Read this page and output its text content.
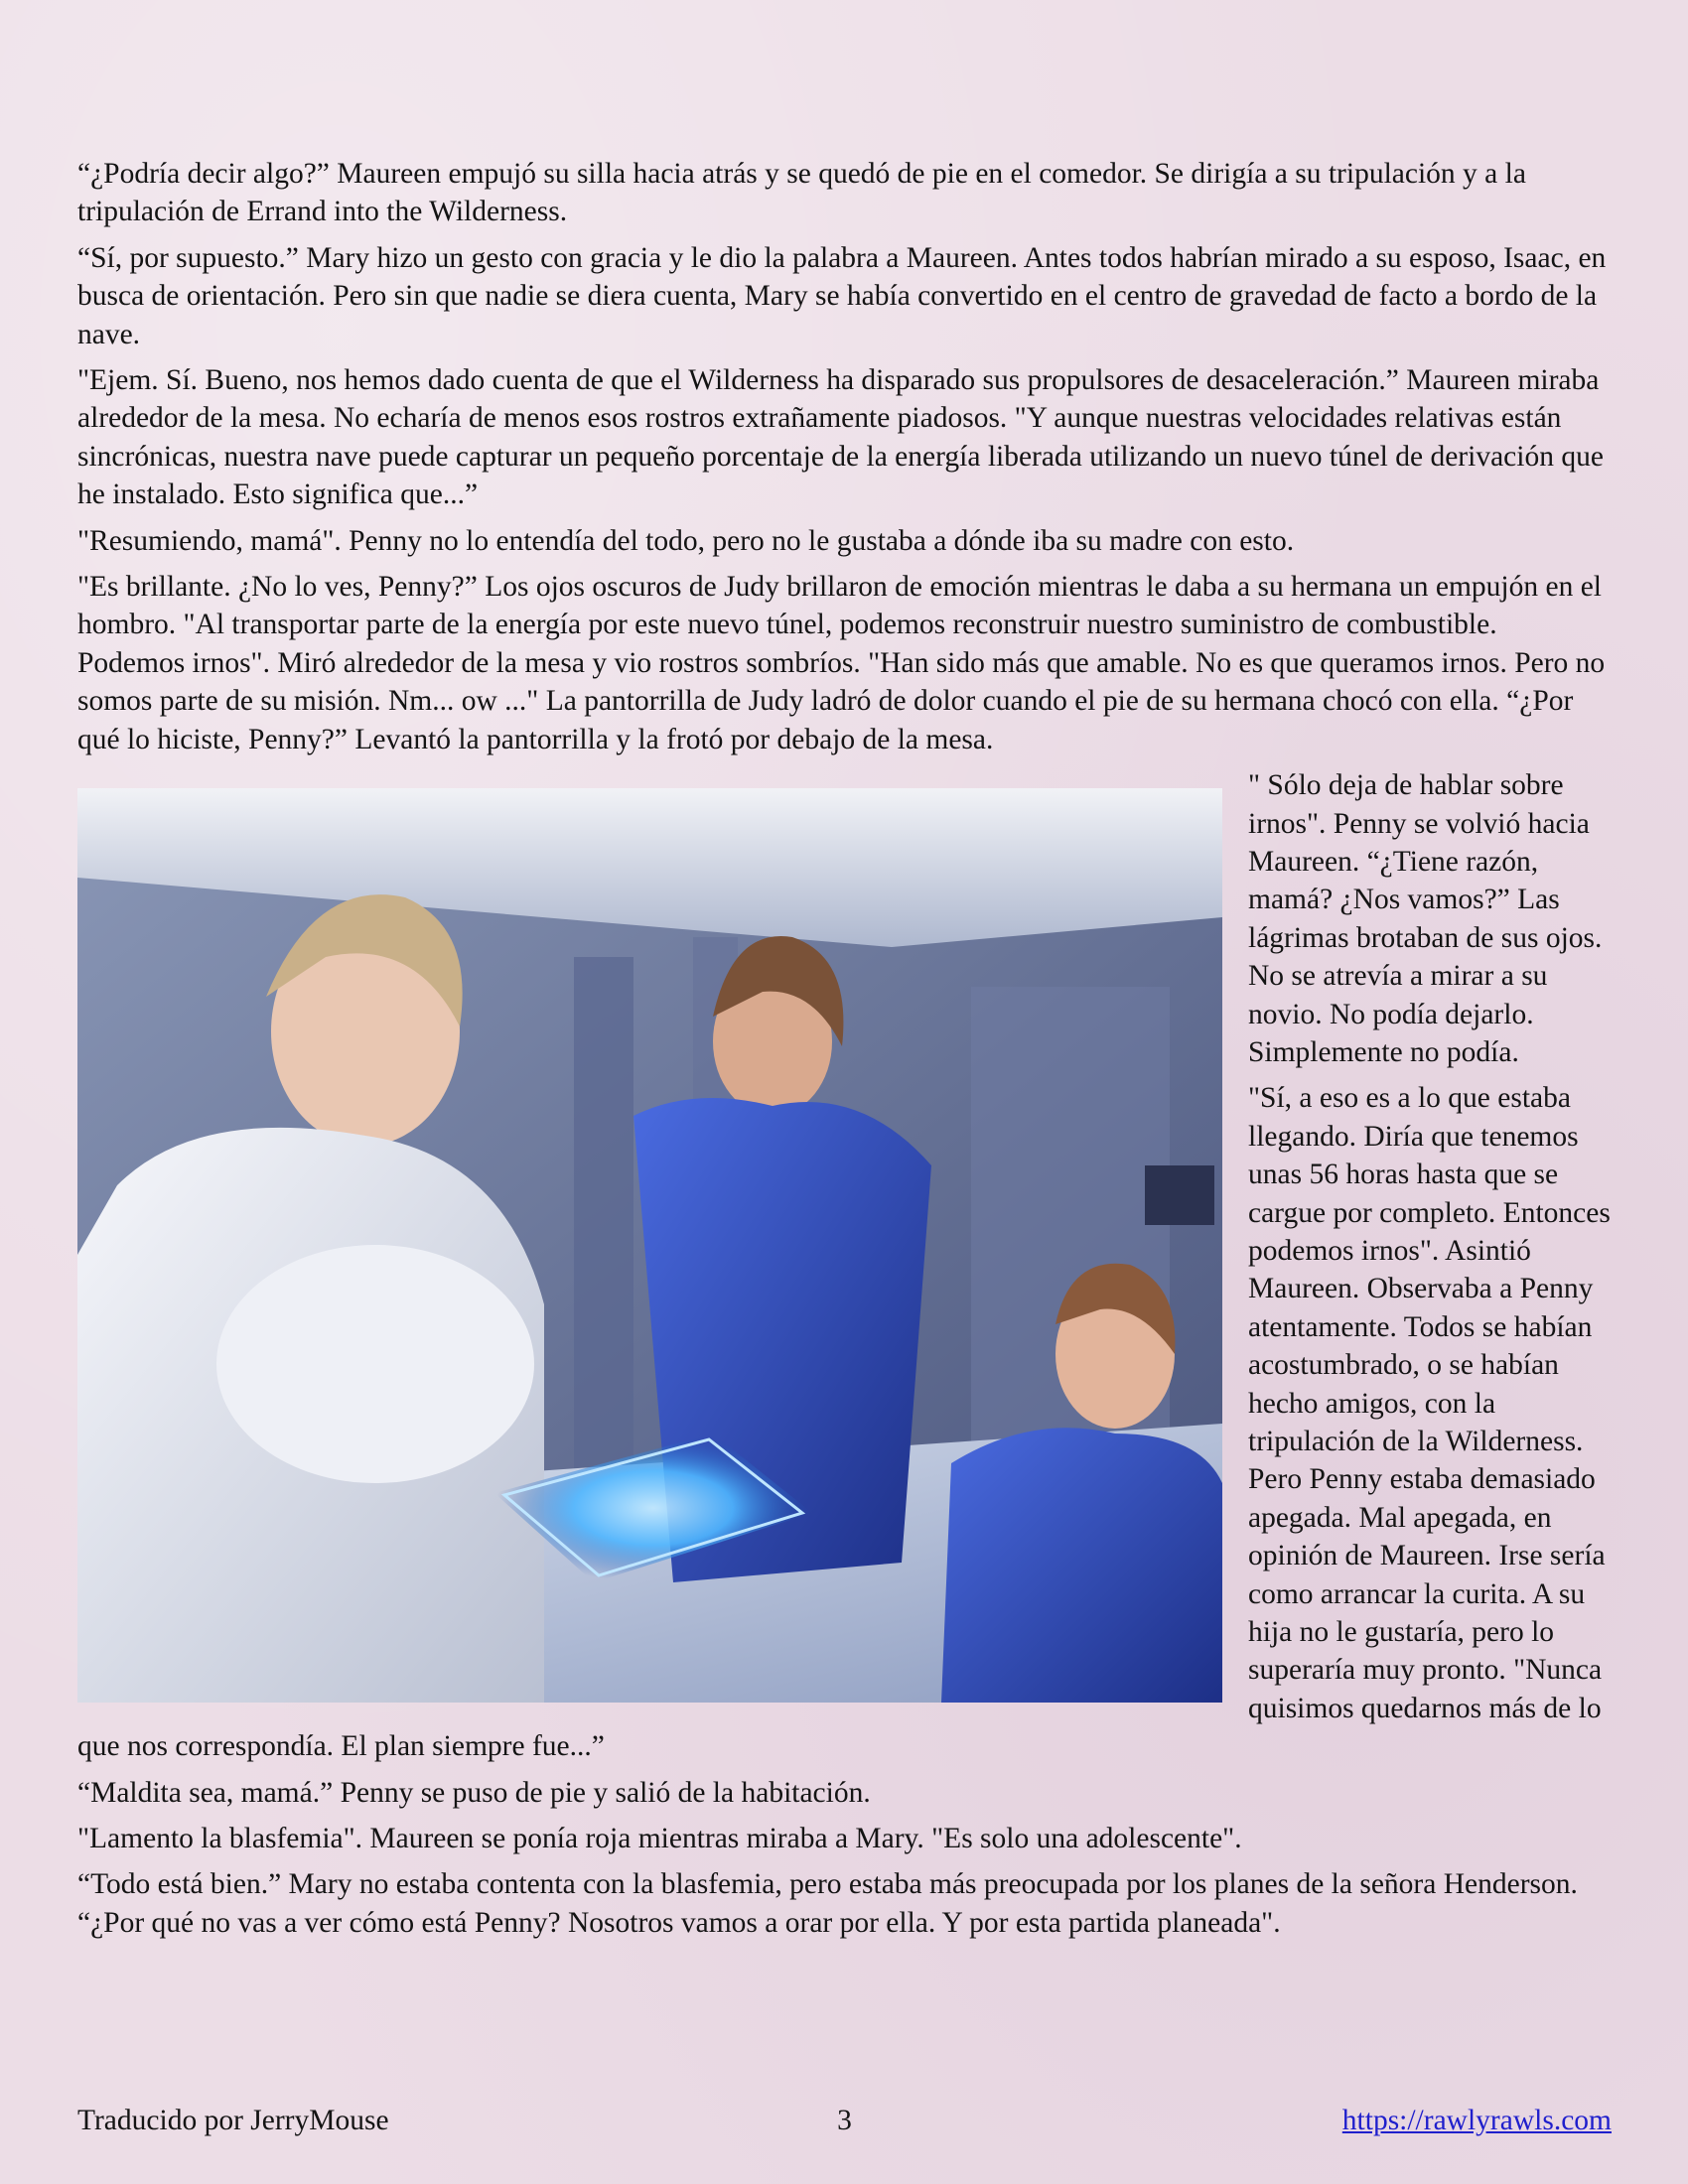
“¿Podría decir algo?” Maureen empujó su silla hacia atrás y se quedó de pie en el comedor. Se dirigía a su tripulación y a la tripulación de Errand into the Wilderness.

“Sí, por supuesto.” Mary hizo un gesto con gracia y le dio la palabra a Maureen. Antes todos habrían mirado a su esposo, Isaac, en busca de orientación. Pero sin que nadie se diera cuenta, Mary se había convertido en el centro de gravedad de facto a bordo de la nave.

"Ejem. Sí. Bueno, nos hemos dado cuenta de que el Wilderness ha disparado sus propulsores de desaceleración.” Maureen miraba alrededor de la mesa. No echaría de menos esos rostros extrañamente piadosos. "Y aunque nuestras velocidades relativas están sincrónicas, nuestra nave puede capturar un pequeño porcentaje de la energía liberada utilizando un nuevo túnel de derivación que he instalado. Esto significa que...”

"Resumiendo, mamá". Penny no lo entendía del todo, pero no le gustaba a dónde iba su madre con esto.

"Es brillante. ¿No lo ves, Penny?” Los ojos oscuros de Judy brillaron de emoción mientras le daba a su hermana un empujón en el hombro. "Al transportar parte de la energía por este nuevo túnel, podemos reconstruir nuestro suministro de combustible. Podemos irnos". Miró alrededor de la mesa y vio rostros sombríos. "Han sido más que amable. No es que queramos irnos. Pero no somos parte de su misión. Nm... ow ..." La pantorrilla de Judy ladró de dolor cuando el pie de su hermana chocó con ella. “¿Por qué lo hiciste, Penny?” Levantó la pantorrilla y la frotó por debajo de la mesa.

" Sólo deja de hablar sobre irnos". Penny se volvió hacia Maureen. “¿Tiene razón, mamá? ¿Nos vamos?” Las lágrimas brotaban de sus ojos. No se atrevía a mirar a su novio. No podía dejarlo. Simplemente no podía.

"Sí, a eso es a lo que estaba llegando. Diría que tenemos unas 56 horas hasta que se cargue por completo. Entonces podemos irnos". Asintió Maureen. Observaba a Penny atentamente. Todos se habían acostumbrado, o se habían hecho amigos, con la tripulación de la Wilderness. Pero Penny estaba demasiado apegada. Mal apegada, en opinión de Maureen. Irse sería como arrancar la curita. A su hija no le gustaría, pero lo superaría muy pronto. "Nunca quisimos quedarnos más de lo que nos correspondía. El plan siempre fue...”

“Maldita sea, mamá.” Penny se puso de pie y salió de la habitación.

"Lamento la blasfemia". Maureen se ponía roja mientras miraba a Mary. "Es solo una adolescente".

“Todo está bien.” Mary no estaba contenta con la blasfemia, pero estaba más preocupada por los planes de la señora Henderson. “¿Por qué no vas a ver cómo está Penny? Nosotros vamos a orar por ella. Y por esta partida planeada".

Traducido por JerryMouse	3	https://rawlyrawls.com
